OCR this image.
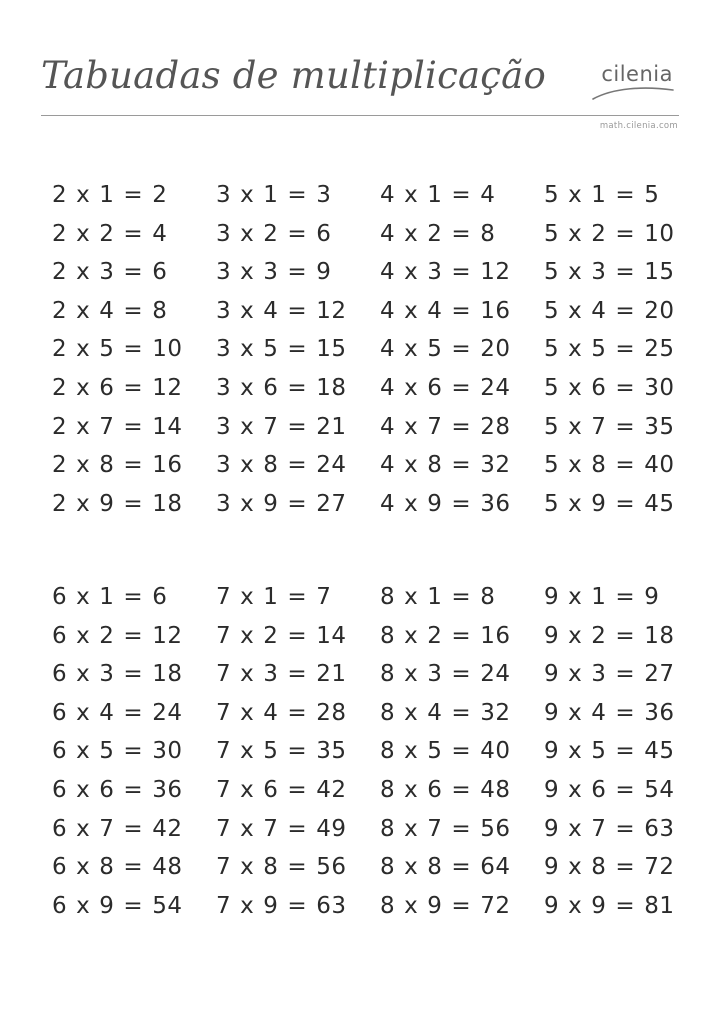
Tabuadas de multiplicação	cilenia
math.cilenia.com
2 x 1 = 2
2 x 2 = 4
2 x 3 = 6
2 x 4 = 8
2 x 5 = 10
2 x 6 = 12
2 x 7 = 14
2 x 8 = 16
2 x 9 = 18
3 x 1 = 3
3 x 2 = 6
3 x 3 = 9
3 x 4 = 12
3 x 5 = 15
3 x 6 = 18
3 x 7 = 21
3 x 8 = 24
3 x 9 = 27
4 x 1 = 4
4 x 2 = 8
4 x 3 = 12
4 x 4 = 16
4 x 5 = 20
4 x 6 = 24
4 x 7 = 28
4 x 8 = 32
4 x 9 = 36
5 x 1 = 5
5 x 2 = 10
5 x 3 = 15
5 x 4 = 20
5 x 5 = 25
5 x 6 = 30
5 x 7 = 35
5 x 8 = 40
5 x 9 = 45
6 x 1 = 6
6 x 2 = 12
6 x 3 = 18
6 x 4 = 24
6 x 5 = 30
6 x 6 = 36
6 x 7 = 42
6 x 8 = 48
6 x 9 = 54
7 x 1 = 7
7 x 2 = 14
7 x 3 = 21
7 x 4 = 28
7 x 5 = 35
7 x 6 = 42
7 x 7 = 49
7 x 8 = 56
7 x 9 = 63
8 x 1 = 8
8 x 2 = 16
8 x 3 = 24
8 x 4 = 32
8 x 5 = 40
8 x 6 = 48
8 x 7 = 56
8 x 8 = 64
8 x 9 = 72
9 x 1 = 9
9 x 2 = 18
9 x 3 = 27
9 x 4 = 36
9 x 5 = 45
9 x 6 = 54
9 x 7 = 63
9 x 8 = 72
9 x 9 = 81
